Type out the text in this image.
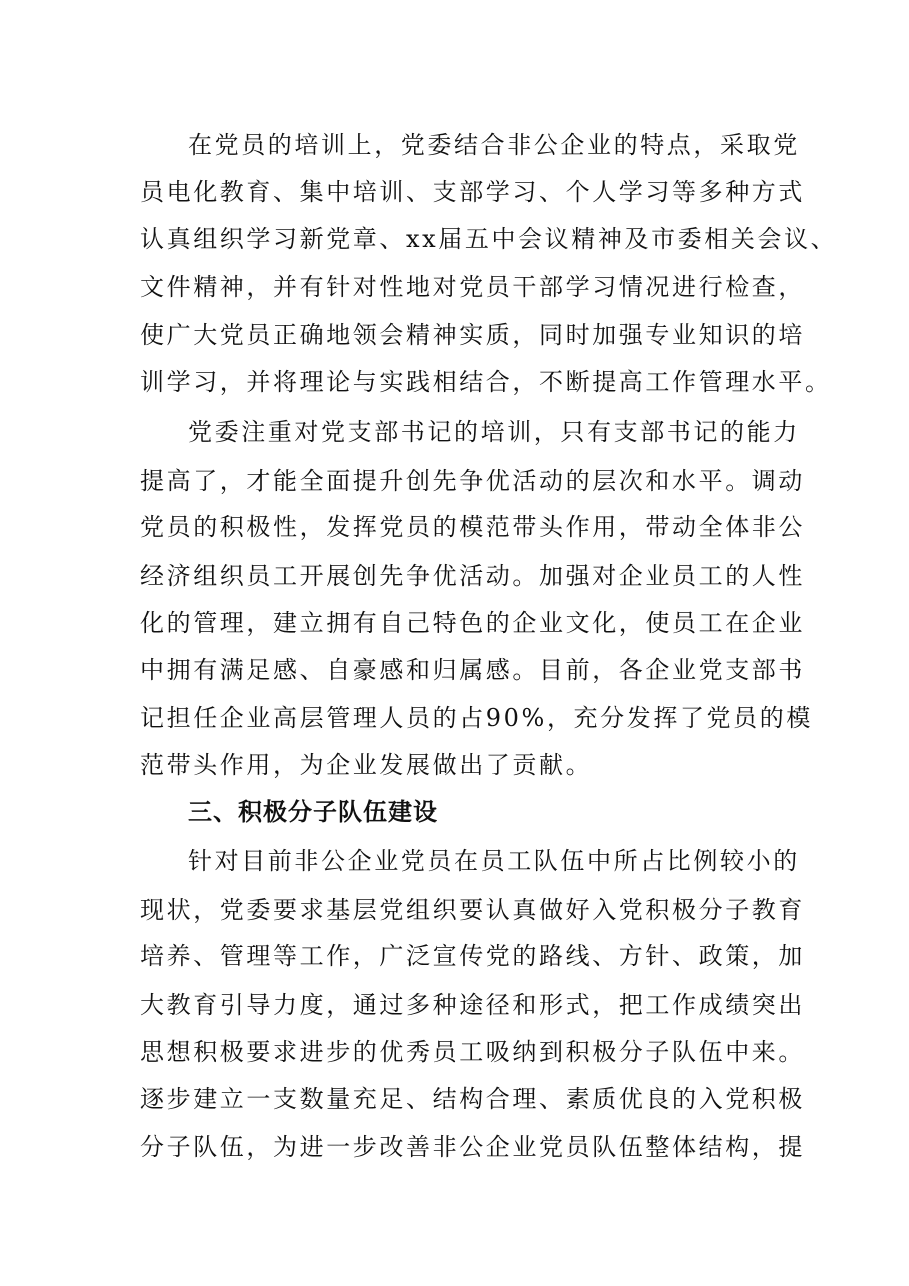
在党员的培训上，党委结合非公企业的特点，采取党
员电化教育、集中培训、支部学习、个人学习等多种方式
认真组织学习新党章、xx届五中会议精神及市委相关会议、
文件精神，并有针对性地对党员干部学习情况进行检查，
使广大党员正确地领会精神实质，同时加强专业知识的培
训学习，并将理论与实践相结合，不断提高工作管理水平。
党委注重对党支部书记的培训，只有支部书记的能力
提高了，才能全面提升创先争优活动的层次和水平。调动
党员的积极性，发挥党员的模范带头作用，带动全体非公
经济组织员工开展创先争优活动。加强对企业员工的人性
化的管理，建立拥有自己特色的企业文化，使员工在企业
中拥有满足感、自豪感和归属感。目前，各企业党支部书
记担任企业高层管理人员的占90%，充分发挥了党员的模
范带头作用，为企业发展做出了贡献。
三、积极分子队伍建设
针对目前非公企业党员在员工队伍中所占比例较小的
现状，党委要求基层党组织要认真做好入党积极分子教育
培养、管理等工作，广泛宣传党的路线、方针、政策，加
大教育引导力度，通过多种途径和形式，把工作成绩突出
思想积极要求进步的优秀员工吸纳到积极分子队伍中来。
逐步建立一支数量充足、结构合理、素质优良的入党积极
分子队伍，为进一步改善非公企业党员队伍整体结构，提
